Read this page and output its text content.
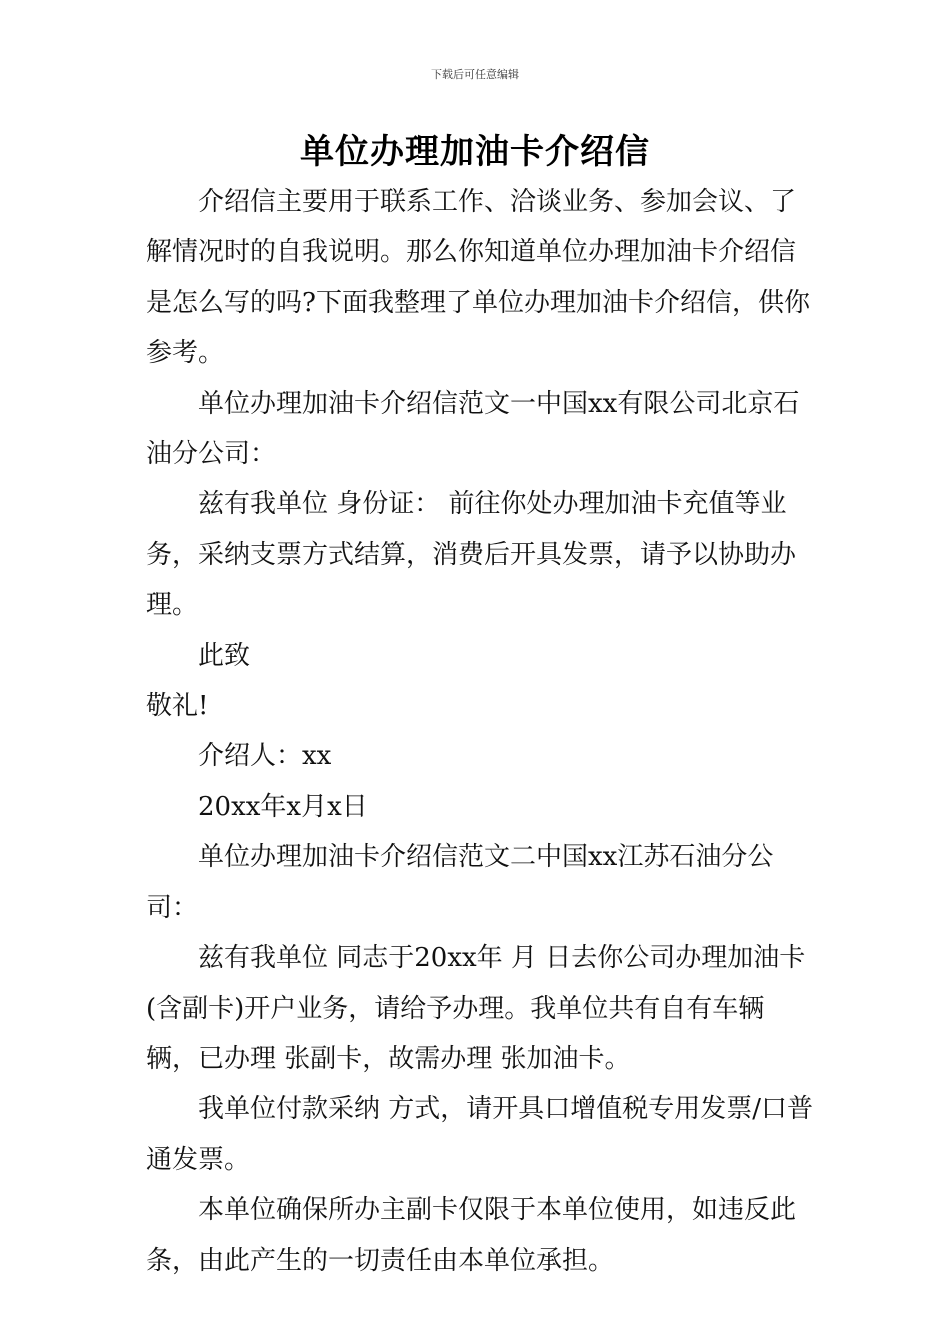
下载后可任意编辑
单位办理加油卡介绍信

介绍信主要用于联系工作、洽谈业务、参加会议、了解情况时的自我说明。那么你知道单位办理加油卡介绍信是怎么写的吗?下面我整理了单位办理加油卡介绍信，供你参考。

单位办理加油卡介绍信范文一中国xx有限公司北京石油分公司：

兹有我单位 身份证： 前往你处办理加油卡充值等业务，采纳支票方式结算，消费后开具发票，请予以协助办理。

此致

敬礼!

介绍人：xx

20xx年x月x日

单位办理加油卡介绍信范文二中国xx江苏石油分公司：

兹有我单位 同志于20xx年 月 日去你公司办理加油卡(含副卡)开户业务，请给予办理。我单位共有自有车辆 辆，已办理 张副卡，故需办理 张加油卡。

我单位付款采纳 方式，请开具口增值税专用发票/口普通发票。

本单位确保所办主副卡仅限于本单位使用，如违反此条，由此产生的一切责任由本单位承担。
